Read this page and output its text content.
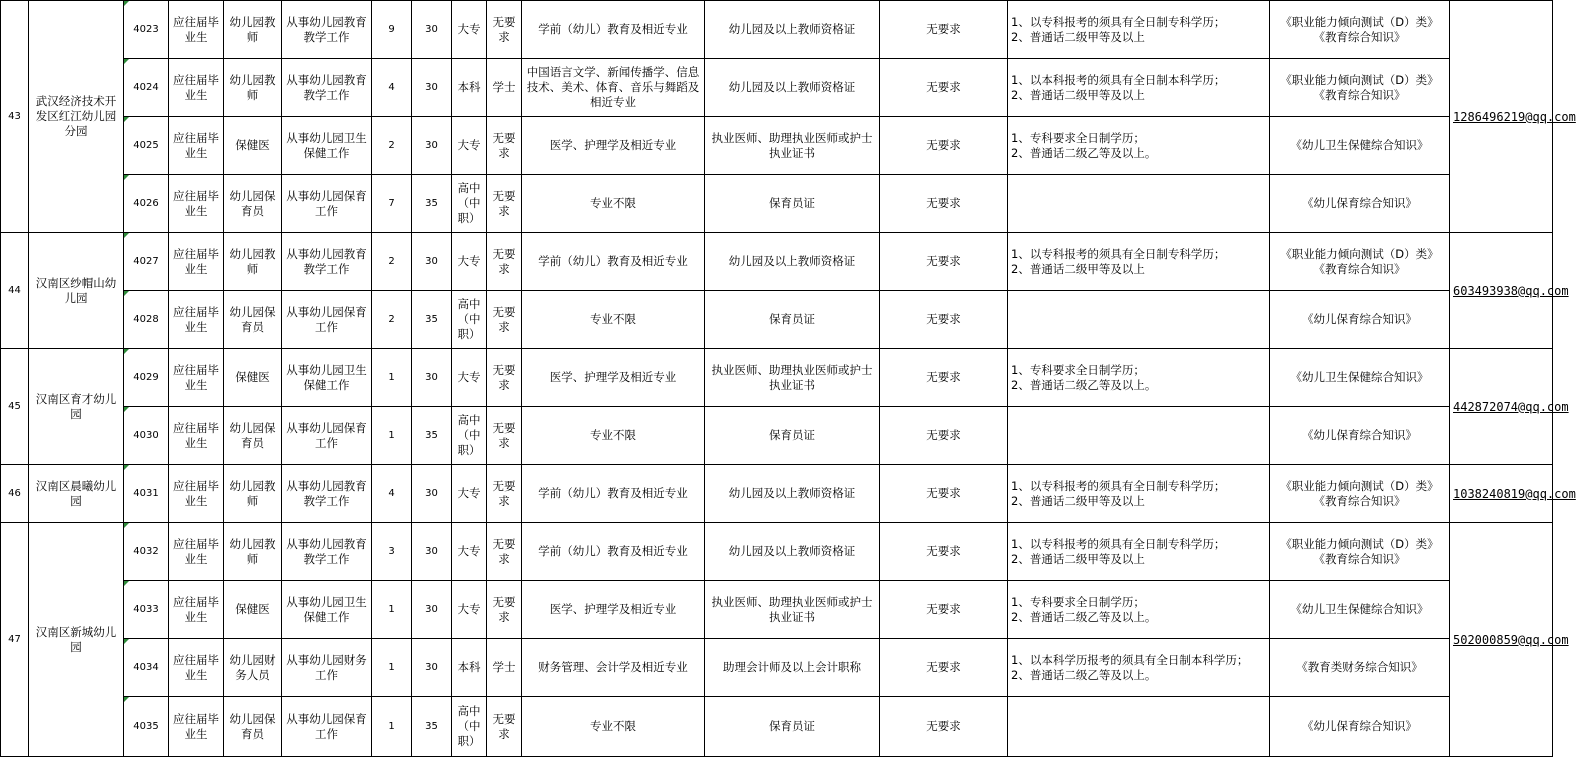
43	武汉经济技术开发区红江幼儿园分园	4023	应往届毕业生	幼儿园教师	从事幼儿园教育教学工作	9	30	大专	无要求	学前（幼儿）教育及相近专业	幼儿园及以上教师资格证	无要求	1、以专科报考的须具有全日制专科学历；
2、普通话二级甲等及以上	《职业能力倾向测试（D）类》《教育综合知识》	1286496219@qq.com
		4024	应往届毕业生	幼儿园教师	从事幼儿园教育教学工作	4	30	本科	学士	中国语言文学、新闻传播学、信息技术、美术、体育、音乐与舞蹈及相近专业	幼儿园及以上教师资格证	无要求	1、以本科报考的须具有全日制本科学历；
2、普通话二级甲等及以上	《职业能力倾向测试（D）类》《教育综合知识》	
		4025	应往届毕业生	保健医	从事幼儿园卫生保健工作	2	30	大专	无要求	医学、护理学及相近专业	执业医师、助理执业医师或护士执业证书	无要求	1、专科要求全日制学历；
2、普通话二级乙等及以上。	《幼儿卫生保健综合知识》	
		4026	应往届毕业生	幼儿园保育员	从事幼儿园保育工作	7	35	高中（中职）	无要求	专业不限	保育员证	无要求		《幼儿保育综合知识》	
44	汉南区纱帽山幼儿园	4027	应往届毕业生	幼儿园教师	从事幼儿园教育教学工作	2	30	大专	无要求	学前（幼儿）教育及相近专业	幼儿园及以上教师资格证	无要求	1、以专科报考的须具有全日制专科学历；
2、普通话二级甲等及以上	《职业能力倾向测试（D）类》《教育综合知识》	603493938@qq.com
		4028	应往届毕业生	幼儿园保育员	从事幼儿园保育工作	2	35	高中（中职）	无要求	专业不限	保育员证	无要求		《幼儿保育综合知识》	
45	汉南区育才幼儿园	4029	应往届毕业生	保健医	从事幼儿园卫生保健工作	1	30	大专	无要求	医学、护理学及相近专业	执业医师、助理执业医师或护士执业证书	无要求	1、专科要求全日制学历；
2、普通话二级乙等及以上。	《幼儿卫生保健综合知识》	442872074@qq.com
		4030	应往届毕业生	幼儿园保育员	从事幼儿园保育工作	1	35	高中（中职）	无要求	专业不限	保育员证	无要求		《幼儿保育综合知识》	
46	汉南区晨曦幼儿园	4031	应往届毕业生	幼儿园教师	从事幼儿园教育教学工作	4	30	大专	无要求	学前（幼儿）教育及相近专业	幼儿园及以上教师资格证	无要求	1、以专科报考的须具有全日制专科学历；
2、普通话二级甲等及以上	《职业能力倾向测试（D）类》《教育综合知识》	1038240819@qq.com
47	汉南区新城幼儿园	4032	应往届毕业生	幼儿园教师	从事幼儿园教育教学工作	3	30	大专	无要求	学前（幼儿）教育及相近专业	幼儿园及以上教师资格证	无要求	1、以专科报考的须具有全日制专科学历；
2、普通话二级甲等及以上	《职业能力倾向测试（D）类》《教育综合知识》	502000859@qq.com
		4033	应往届毕业生	保健医	从事幼儿园卫生保健工作	1	30	大专	无要求	医学、护理学及相近专业	执业医师、助理执业医师或护士执业证书	无要求	1、专科要求全日制学历；
2、普通话二级乙等及以上。	《幼儿卫生保健综合知识》	
		4034	应往届毕业生	幼儿园财务人员	从事幼儿园财务工作	1	30	本科	学士	财务管理、会计学及相近专业	助理会计师及以上会计职称	无要求	1、以本科学历报考的须具有全日制本科学历；
2、普通话二级乙等及以上。	《教育类财务综合知识》	
		4035	应往届毕业生	幼儿园保育员	从事幼儿园保育工作	1	35	高中（中职）	无要求	专业不限	保育员证	无要求		《幼儿保育综合知识》	
